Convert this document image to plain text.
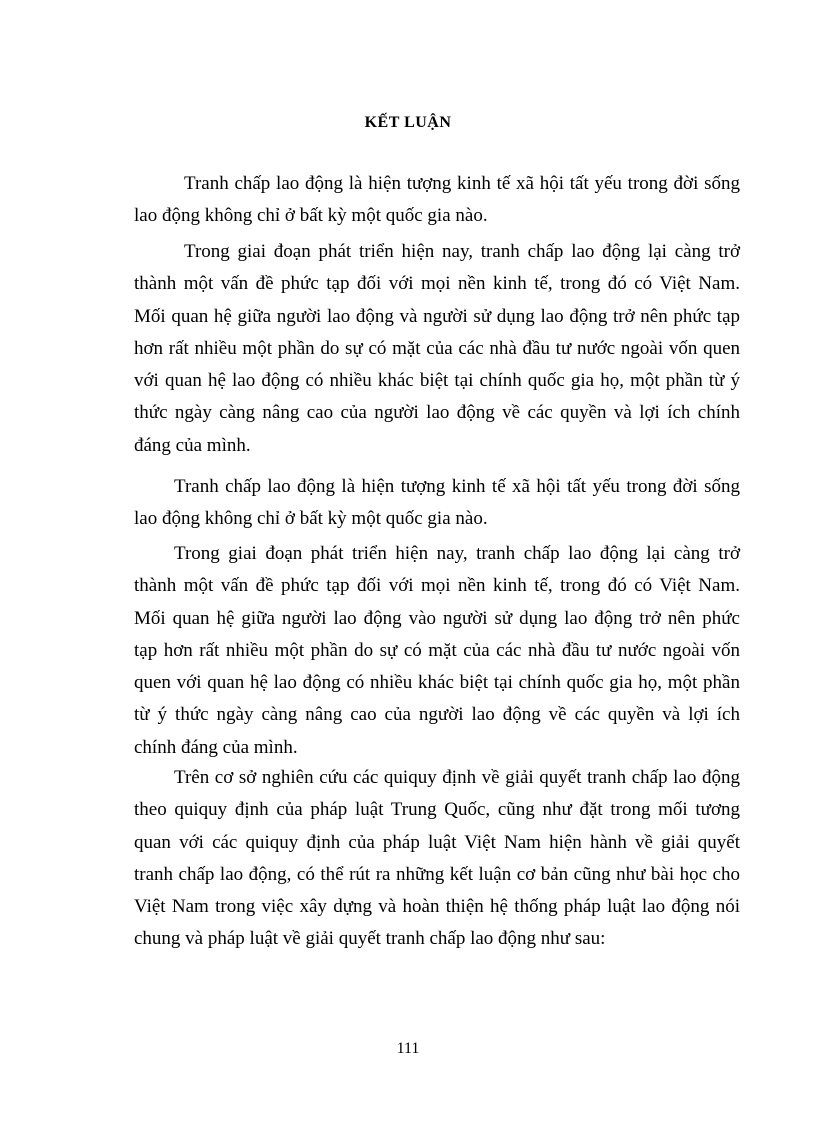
KẾT LUẬN

Tranh chấp lao động là hiện tượng kinh tế xã hội tất yếu trong đời sống
lao động không chỉ ở bất kỳ một quốc gia nào.

Trong giai đoạn phát triển hiện nay, tranh chấp lao động lại càng trở
thành một vấn đề phức tạp đối với mọi nền kinh tế, trong đó có Việt Nam.
Mối quan hệ giữa người lao động và người sử dụng lao động trở nên phức tạp
hơn rất nhiều một phần do sự có mặt của các nhà đầu tư nước ngoài vốn quen
với quan hệ lao động có nhiều khác biệt tại chính quốc gia họ, một phần từ ý
thức ngày càng nâng cao của người lao động về các quyền và lợi ích chính
đáng của mình.

Tranh chấp lao động là hiện tượng kinh tế xã hội tất yếu trong đời sống
lao động không chỉ ở bất kỳ một quốc gia nào.

Trong giai đoạn phát triển hiện nay, tranh chấp lao động lại càng trở
thành một vấn đề phức tạp đối với mọi nền kinh tế, trong đó có Việt Nam.
Mối quan hệ giữa người lao động vào người sử dụng lao động trở nên phức
tạp hơn rất nhiều một phần do sự có mặt của các nhà đầu tư nước ngoài vốn
quen với quan hệ lao động có nhiều khác biệt tại chính quốc gia họ, một phần
từ ý thức ngày càng nâng cao của người lao động về các quyền và lợi ích
chính đáng của mình.

Trên cơ sở nghiên cứu các quiquy định về giải quyết tranh chấp lao động
theo quiquy định của pháp luật Trung Quốc, cũng như đặt trong mối tương
quan với các quiquy định của pháp luật Việt Nam hiện hành về giải quyết
tranh chấp lao động, có thể rút ra những kết luận cơ bản cũng như bài học cho
Việt Nam trong việc xây dựng và hoàn thiện hệ thống pháp luật lao động nói
chung và pháp luật về giải quyết tranh chấp lao động như sau:

111
